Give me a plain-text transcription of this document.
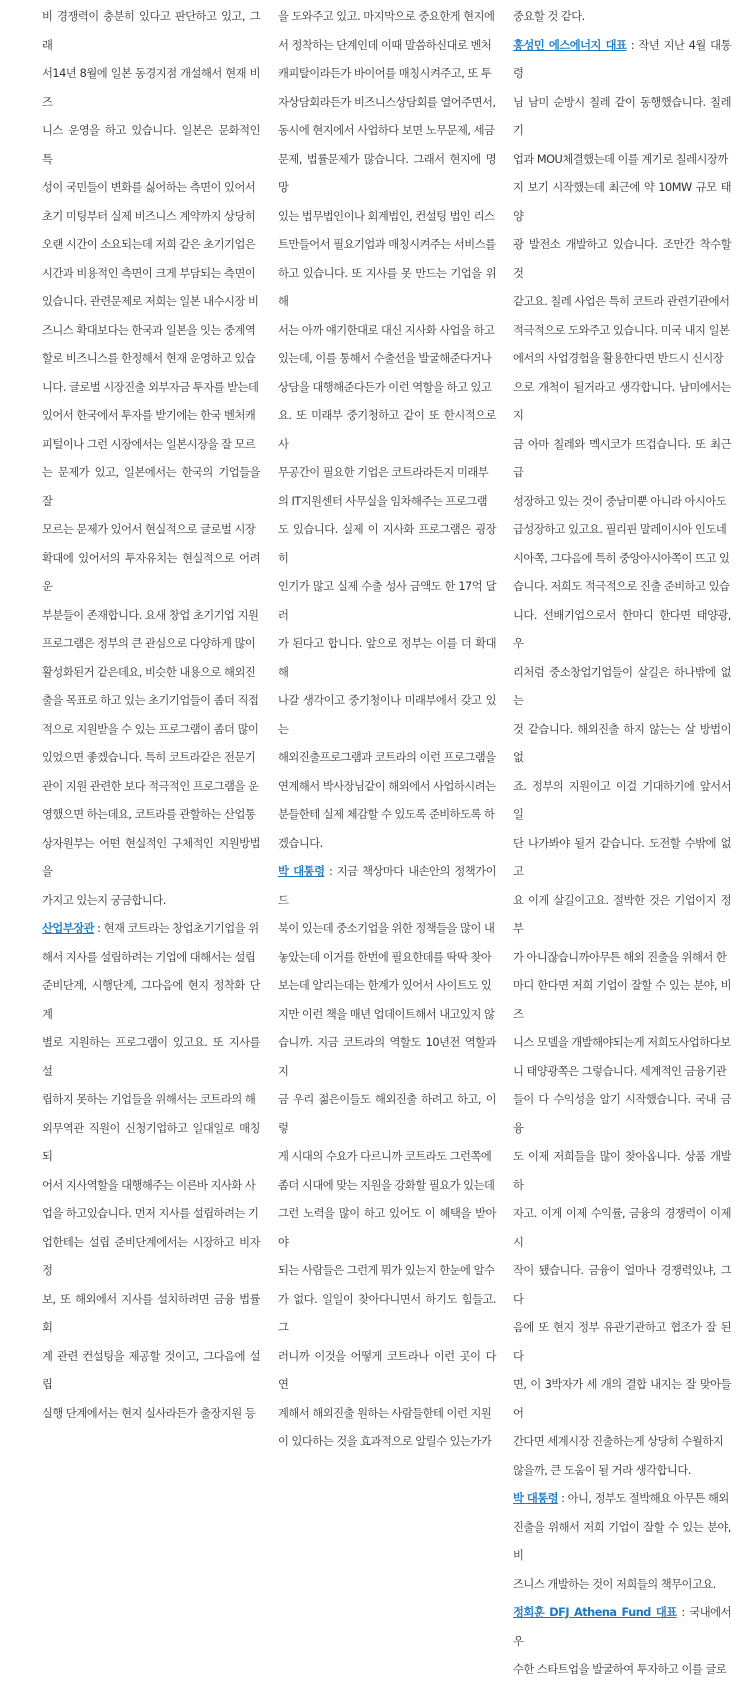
비 경쟁력이 충분히 있다고 판단하고 있고, 그래
서14년 8월에 일본 동경지점 개설해서 현재 비즈
니스 운영을 하고 있습니다. 일본은 문화적인 특
성이 국민들이 변화를 싫어하는 측면이 있어서
초기 미팅부터 실제 비즈니스 계약까지 상당히
오랜 시간이 소요되는데 저희 같은 초기기업은
시간과 비용적인 측면이 크게 부담되는 측면이
있습니다. 관련문제로 저희는 일본 내수시장 비
즈니스 확대보다는 한국과 일본을 잇는 중계역
할로 비즈니스를 한정해서 현재 운영하고 있습
니다. 글로벌 시장진출 외부자금 투자를 받는데
있어서 한국에서 투자를 받기에는 한국 벤처캐
피털이나 그런 시장에서는 일본시장을 잘 모르
는 문제가 있고, 일본에서는 한국의 기업들을 잘
모르는 문제가 있어서 현실적으로 글로벌 시장
확대에 있어서의 투자유치는 현실적으로 어려운
부분들이 존재합니다. 요새 창업 초기기업 지원
프로그램은 정부의 큰 관심으로 다양하게 많이
활성화된거 같은데요, 비슷한 내용으로 해외진
출을 목표로 하고 있는 초기기업들이 좀더 직접
적으로 지원받을 수 있는 프로그램이 좀더 많이
있었으면 좋겠습니다. 특히 코트라같은 전문기
관이 지원 관련한 보다 적극적인 프로그램을 운
영했으면 하는데요, 코트라를 관할하는 산업통
상자원부는 어떤 현실적인 구체적인 지원방법을
가지고 있는지 궁금합니다.

산업부장관 : 현재 코트라는 창업초기기업을 위
해서 지사를 설립하려는 기업에 대해서는 설립
준비단계, 시행단계, 그다음에 현지 정착화 단계
별로 지원하는 프로그램이 있고요. 또 지사를 설
립하지 못하는 기업들을 위해서는 코트라의 해
외무역관 직원이 신청기업하고 일대일로 매칭되
어서 지사역할을 대행해주는 이른바 지사화 사
업을 하고있습니다. 먼저 지사를 설립하려는 기
업한테는 설립 준비단계에서는 시장하고 비자정
보, 또 해외에서 지사를 설치하려면 금융 법률 회
계 관련 컨설팅을 제공할 것이고, 그다음에 설립
실행 단계에서는 현지 실사라든가 출장지원 등

을 도와주고 있고. 마지막으로 중요한게 현지에
서 정착하는 단계인데 이때 말씀하신대로 벤처
캐피탈이라든가 바이어를 매칭시켜주고, 또 투
자상담회라든가 비즈니스상담회를 열어주면서,
동시에 현지에서 사업하다 보면 노무문제, 세금
문제, 법률문제가 많습니다. 그래서 현지에 명망
있는 법무법인이나 회계법인, 컨설팅 법인 리스
트만들어서 필요기업과 매칭시켜주는 서비스를
하고 있습니다. 또 지사를 못 만드는 기업을 위해
서는 아까 얘기한대로 대신 지사화 사업을 하고
있는데, 이를 통해서 수출선을 발굴해준다거나
상담을 대행해준다든가 이런 역할을 하고 있고
요. 또 미래부 중기청하고 같이 또 한시적으로 사
무공간이 필요한 기업은 코트라라든지 미래부
의 IT지원센터 사무실을 임차해주는 프로그램
도 있습니다. 실제 이 지사화 프로그램은 굉장히
인기가 많고 실제 수출 성사 금액도 한 17억 달러
가 된다고 합니다. 앞으로 정부는 이를 더 확대해
나갈 생각이고 중기청이나 미래부에서 갖고 있는
해외진출프로그램과 코트라의 이런 프로그램을
연계해서 박사장님같이 해외에서 사업하시려는
분들한테 실제 체감할 수 있도록 준비하도록 하
겠습니다.

박 대통령 : 지금 책상마다 내손안의 정책가이드
북이 있는데 중소기업을 위한 정책들을 많이 내
놓았는데 이거를 한번에 필요한데를 딱딱 찾아
보는데 알리는데는 한계가 있어서 사이트도 있
지만 이런 책을 매년 업데이트해서 내고있지 않
습니까. 지금 코트라의 역할도 10년전 역할과 지
금 우리 젊은이들도 해외진출 하려고 하고, 이렇
게 시대의 수요가 다르니까 코트라도 그런쪽에
좀더 시대에 맞는 지원을 강화할 필요가 있는데
그런 노력을 많이 하고 있어도 이 혜택을 받아야
되는 사람들은 그런게 뭐가 있는지 한눈에 알수
가 없다. 일일이 찾아다니면서 하기도 힘들고. 그
러니까 이것을 어떻게 코트라나 이런 곳이 다 연
계해서 해외진출 원하는 사람들한테 이런 지원
이 있다하는 것을 효과적으로 알릴수 있는가가

중요할 것 같다.

홍성민 에스에너지 대표 : 작년 지난 4월 대통령
님 남미 순방시 칠레 같이 동행했습니다. 칠레기
업과 MOU체결했는데 이를 계기로 칠레시장까
지 보기 시작했는데 최근에 약 10MW 규모 태양
광 발전소 개발하고 있습니다. 조만간 착수할 것
같고요. 칠레 사업은 특히 코트라 관련기관에서
적극적으로 도와주고 있습니다. 미국 내지 일본
에서의 사업경험을 활용한다면 반드시 신시장
으로 개척이 될거라고 생각합니다. 남미에서는 지
금 아마 칠레와 멕시코가 뜨겁습니다. 또 최근 급
성장하고 있는 것이 중남미뿐 아니라 아시아도
급성장하고 있고요. 필리핀 말레이시아 인도네
시아쪽, 그다음에 특히 중앙아시아쪽이 뜨고 있
습니다. 저희도 적극적으로 진출 준비하고 있습
니다. 선배기업으로서 한마디 한다면 태양광, 우
리처럼 중소창업기업들이 살길은 하나밖에 없는
것 같습니다. 해외진출 하지 않는는 살 방법이 없
죠. 정부의 지원이고 이걸 기대하기에 앞서서 일
단 나가봐야 될거 같습니다. 도전할 수밖에 없고
요 이게 살길이고요. 절박한 것은 기업이지 정부
가 아니잖습니까아무튼 해외 진출을 위해서 한
마디 한다면 저희 기업이 잘할 수 있는 분야, 비즈
니스 모델을 개발해야되는게 저희도사업하다보
니 태양광쪽은 그렇습니다. 세계적인 금융기관
들이 다 수익성을 알기 시작했습니다. 국내 금융
도 이제 저희들을 많이 찾아옵니다. 상품 개발하
자고. 이게 이제 수익률, 금융의 경쟁력이 이제 시
작이 됐습니다. 금융이 얼마나 경쟁력있냐, 그 다
음에 또 현지 정부 유관기관하고 협조가 잘 된다
면, 이 3박자가 세 개의 결합 내지는 잘 맞아들어
간다면 세계시장 진출하는게 상당히 수월하지
않을까, 큰 도움이 될 거라 생각합니다.

박 대통령 : 아니, 정부도 절박해요 아무튼 해외
진출을 위해서 저희 기업이 잘할 수 있는 분야, 비
즈니스 개발하는 것이 저희들의 책무이고요.

정회훈 DFJ Athena Fund 대표 : 국내에서 우
수한 스타트업을 발굴하여 투자하고 이를 글로
